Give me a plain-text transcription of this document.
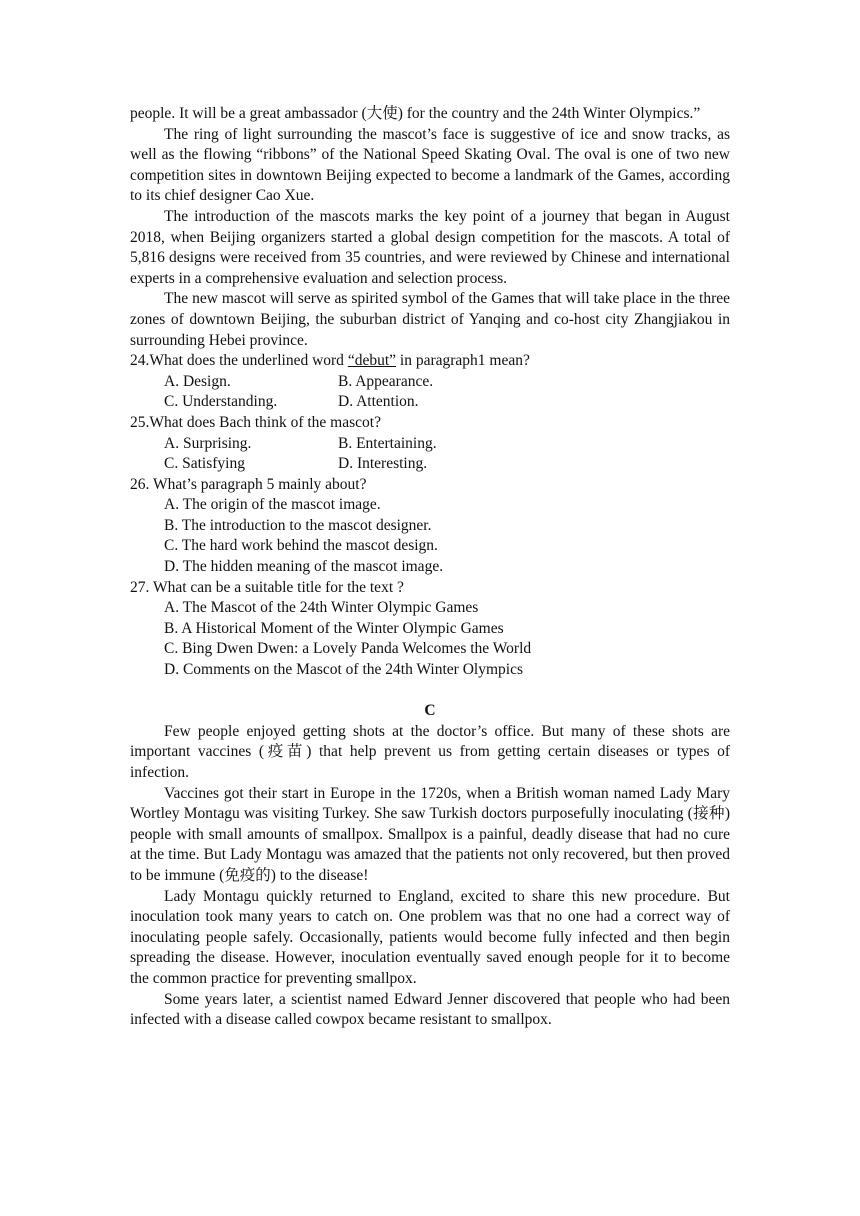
people. It will be a great ambassador (大使) for the country and the 24th Winter Olympics.”

The ring of light surrounding the mascot’s face is suggestive of ice and snow tracks, as well as the flowing “ribbons” of the National Speed Skating Oval. The oval is one of two new competition sites in downtown Beijing expected to become a landmark of the Games, according to its chief designer Cao Xue.

The introduction of the mascots marks the key point of a journey that began in August 2018, when Beijing organizers started a global design competition for the mascots. A total of 5,816 designs were received from 35 countries, and were reviewed by Chinese and international experts in a comprehensive evaluation and selection process.

The new mascot will serve as spirited symbol of the Games that will take place in the three zones of downtown Beijing, the suburban district of Yanqing and co-host city Zhangjiakou in surrounding Hebei province.

24.What does the underlined word “debut” in paragraph1 mean?

A. Design.	B. Appearance.
C. Understanding.	D. Attention.

25.What does Bach think of the mascot?

A. Surprising.	B. Entertaining.
C. Satisfying	D. Interesting.

26. What’s paragraph 5 mainly about?

A. The origin of the mascot image.

B. The introduction to the mascot designer.

C. The hard work behind the mascot design.

D. The hidden meaning of the mascot image.

27. What can be a suitable title for the text ?

A. The Mascot of the 24th Winter Olympic Games

B. A Historical Moment of the Winter Olympic Games

C. Bing Dwen Dwen: a Lovely Panda Welcomes the World

D. Comments on the Mascot of the 24th Winter Olympics

C

Few people enjoyed getting shots at the doctor’s office. But many of these shots are important vaccines (疫苗) that help prevent us from getting certain diseases or types of infection.

Vaccines got their start in Europe in the 1720s, when a British woman named Lady Mary Wortley Montagu was visiting Turkey. She saw Turkish doctors purposefully inoculating (接种) people with small amounts of smallpox. Smallpox is a painful, deadly disease that had no cure at the time. But Lady Montagu was amazed that the patients not only recovered, but then proved to be immune (免疫的) to the disease!

Lady Montagu quickly returned to England, excited to share this new procedure. But inoculation took many years to catch on. One problem was that no one had a correct way of inoculating people safely. Occasionally, patients would become fully infected and then begin spreading the disease. However, inoculation eventually saved enough people for it to become the common practice for preventing smallpox.

Some years later, a scientist named Edward Jenner discovered that people who had been infected with a disease called cowpox became resistant to smallpox.
